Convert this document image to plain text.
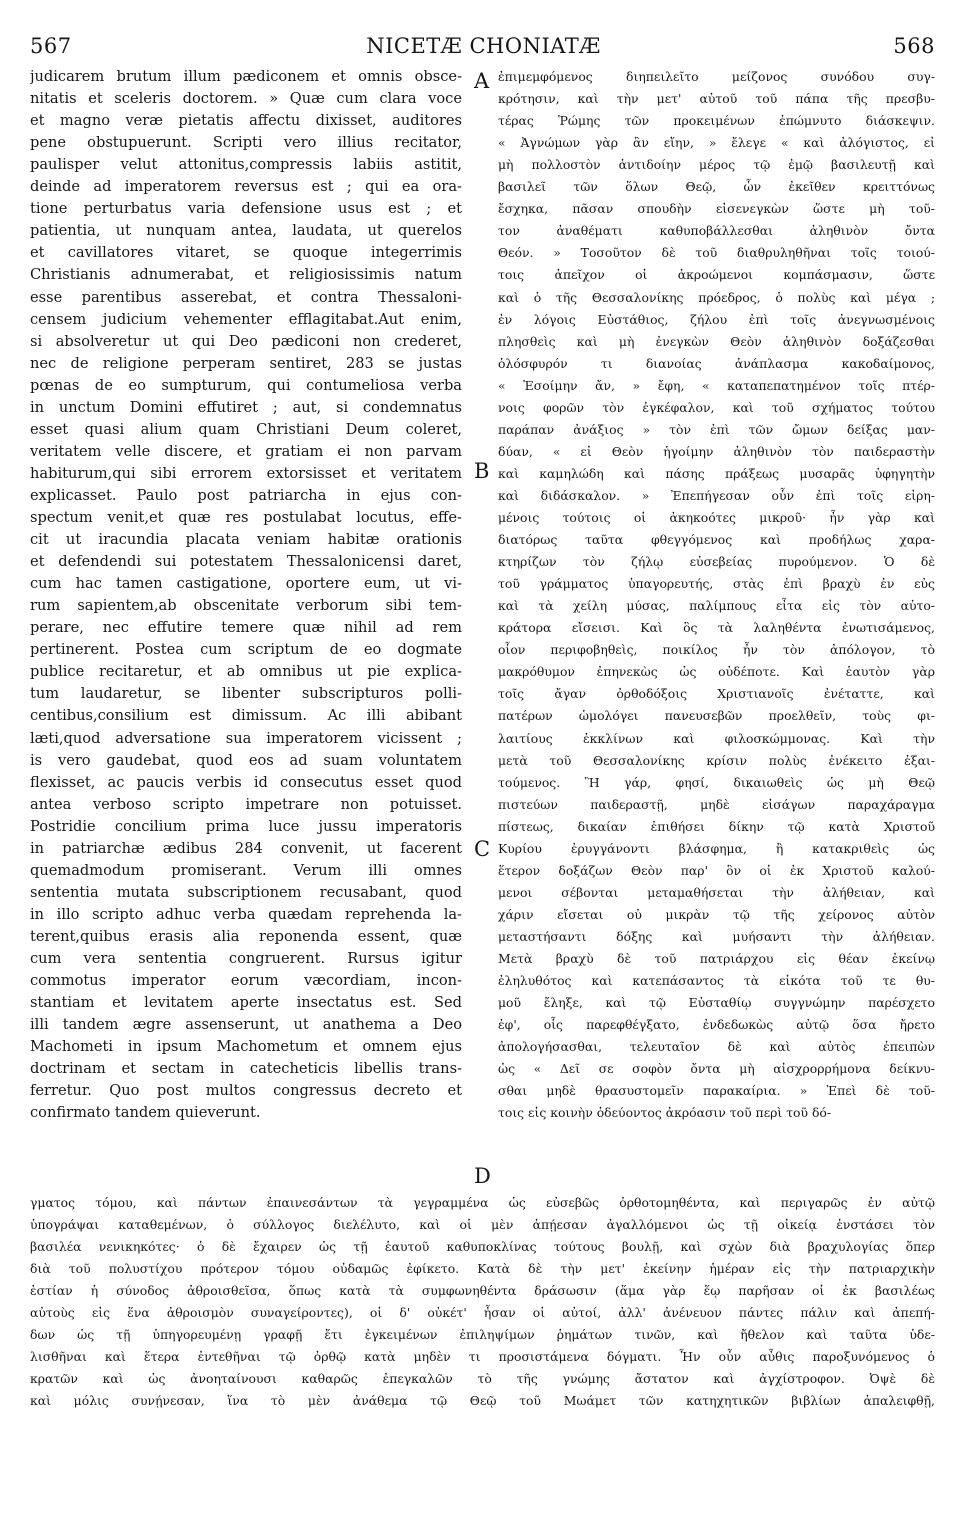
567	NICETÆ CHONIATÆ	568
judicarem brutum illum pædiconem et omnis obsce-
nitatis et sceleris doctorem. » Quæ cum clara voce
et magno veræ pietatis affectu dixisset, auditores
pene obstupuerunt. Scripti vero illius recitator,
paulisper velut attonitus,compressis labiis astitit,
deinde ad imperatorem reversus est ; qui ea ora-
tione perturbatus varia defensione usus est ; et
patientia, ut nunquam antea, laudata, ut querelos
et cavillatores vitaret, se quoque integerrimis
Christianis adnumerabat, et religiosissimis natum
esse parentibus asserebat, et contra Thessaloni-
censem judicium vehementer efflagitabat.Aut enim,
si absolveretur ut qui Deo pædiconi non crederet,
nec de religione perperam sentiret, 283 se justas
pœnas de eo sumpturum, qui contumeliosa verba
in unctum Domini effutiret ; aut, si condemnatus
esset quasi alium quam Christiani Deum coleret,
veritatem velle discere, et gratiam ei non parvam
habiturum,qui sibi errorem extorsisset et veritatem
explicasset. Paulo post patriarcha in ejus con-
spectum venit,et quæ res postulabat locutus, effe-
cit ut iracundia placata veniam habitæ orationis
et defendendi sui potestatem Thessalonicensi daret,
cum hac tamen castigatione, oportere eum, ut vi-
rum sapientem,ab obscenitate verborum sibi tem-
perare, nec effutire temere quæ nihil ad rem
pertinerent. Postea cum scriptum de eo dogmate
publice recitaretur, et ab omnibus ut pie explica-
tum laudaretur, se libenter subscripturos polli-
centibus,consilium est dimissum. Ac illi abibant
læti,quod adversatione sua imperatorem vicissent ;
is vero gaudebat, quod eos ad suam voluntatem
flexisset, ac paucis verbis id consecutus esset quod
antea verboso scripto impetrare non potuisset.
Postridie concilium prima luce jussu imperatoris
in patriarchæ ædibus 284 convenit, ut facerent
quemadmodum promiserant. Verum illi omnes
sententia mutata subscriptionem recusabant, quod
in illo scripto adhuc verba quædam reprehenda la-
terent,quibus erasis alia reponenda essent, quæ
cum vera sententia congruerent. Rursus igitur
commotus imperator eorum væcordiam, incon-
stantiam et levitatem aperte insectatus est. Sed
illi tandem ægre assenserunt, ut anathema a Deo
Machometi in ipsum Machometum et omnem ejus
doctrinam et sectam in catecheticis libellis trans-
ferretur. Quo post multos congressus decreto et
confirmato tandem quieverunt.
ἐπιμεμφόμενος διηπειλεῖτο μείζονος συνόδου συγ-
κρότησιν, καὶ τὴν μετ' αὐτοῦ τοῦ πάπα τῆς πρεσβυ-
τέρας Ῥώμης τῶν προκειμένων ἐπώμνυτο διάσκεψιν.
« Ἀγνώμων γὰρ ἂν εἴην, » ἔλεγε « καὶ ἀλόγιστος, εἰ
μὴ πολλοστὸν ἀντιδοίην μέρος τῷ ἐμῷ βασιλευτῇ καὶ
βασιλεῖ τῶν ὅλων Θεῷ, ὧν ἐκεῖθεν κρειττόνως
ἔσχηκα, πᾶσαν σπουδὴν εἰσενεγκὼν ὥστε μὴ τοῦ-
τον ἀναθέματι καθυποβάλλεσθαι ἀληθινὸν ὄντα
Θεόν. » Τοσοῦτον δὲ τοῦ διαθρυληθῆναι τοῖς τοιού-
τοις ἀπεῖχον οἱ ἀκροώμενοι κομπάσμασιν, ὥστε
καὶ ὁ τῆς Θεσσαλονίκης πρόεδρος, ὁ πολὺς καὶ μέγα ;
ἐν λόγοις Εὐστάθιος, ζήλου ἐπὶ τοῖς ἀνεγνωσμένοις
πλησθεὶς καὶ μὴ ἐνεγκὼν Θεὸν ἀληθινὸν δοξάζεσθαι
ὁλόσφυρόν τι διανοίας ἀνάπλασμα κακοδαίμονος,
« Ἐσοίμην ἄν, » ἔφη, « καταπεπατημένον τοῖς πτέρ-
νοις φορῶν τὸν ἐγκέφαλον, καὶ τοῦ σχήματος τούτου
παράπαν ἀνάξιος » τὸν ἐπὶ τῶν ὤμων δείξας μαν-
δύαν, « εἰ Θεὸν ἡγοίμην ἀληθινὸν τὸν παιδεραστὴν
καὶ καμηλώδη καὶ πάσης πράξεως μυσαρᾶς ὑφηγητὴν
καὶ διδάσκαλον. » Ἐπεπήγεσαν οὖν ἐπὶ τοῖς εἰρη-
μένοις τούτοις οἱ ἀκηκοότες μικροῦ· ἦν γὰρ καὶ
διατόρως ταῦτα φθεγγόμενος καὶ προδήλως χαρα-
κτηρίζων τὸν ζήλῳ εὐσεβείας πυρούμενον. Ὁ δὲ
τοῦ γράμματος ὑπαγορευτής, στὰς ἐπὶ βραχὺ ἐν εὐς
καὶ τὰ χείλη μύσας, παλίμπους εἶτα εἰς τὸν αὐτο-
κράτορα εἴσεισι. Καὶ ὃς τὰ λαληθέντα ἐνωτισάμενος,
οἷον περιφοβηθεὶς, ποικίλος ἦν τὸν ἀπόλογον, τὸ
μακρόθυμον ἐπηνεκὼς ὡς οὐδέποτε. Καὶ ἑαυτὸν γὰρ
τοῖς ἄγαν ὀρθοδόξοις Χριστιανοῖς ἐνέταττε, καὶ
πατέρων ὡμολόγει πανευσεβῶν προελθεῖν, τοὺς φι-
λαιτίους ἐκκλίνων καὶ φιλοσκώμμονας. Καὶ τὴν
μετὰ τοῦ Θεσσαλονίκης κρίσιν πολὺς ἐνέκειτο ἐξαι-
τούμενος. Ἢ γάρ, φησί, δικαιωθεὶς ὡς μὴ Θεῷ
πιστεύων παιδεραστῇ, μηδὲ εἰσάγων παραχάραγμα
πίστεως, δικαίαν ἐπιθήσει δίκην τῷ κατὰ Χριστοῦ
Κυρίου ἐρυγγάνοντι βλάσφημα, ἢ κατακριθεὶς ὡς
ἕτερον δοξάζων Θεὸν παρ' ὃν οἱ ἐκ Χριστοῦ καλού-
μενοι σέβονται μεταμαθήσεται τὴν ἀλήθειαν, καὶ
χάριν εἴσεται οὐ μικρὰν τῷ τῆς χείρονος αὐτὸν
μεταστήσαντι δόξης καὶ μυήσαντι τὴν ἀλήθειαν.
Μετὰ βραχὺ δὲ τοῦ πατριάρχου εἰς θέαν ἐκείνῳ
ἐληλυθότος καὶ κατεπάσαντος τὰ εἰκότα τοῦ τε θυ-
μοῦ ἔληξε, καὶ τῷ Εὐσταθίῳ συγγνώμην παρέσχετο
ἐφ', οἷς παρεφθέγξατο, ἐνδεδωκὼς αὐτῷ ὅσα ἤρετο
ἀπολογήσασθαι, τελευταῖον δὲ καὶ αὐτὸς ἐπειπὼν
ὡς « Δεῖ σε σοφὸν ὄντα μὴ αἰσχρορρήμονα δείκνυ-
σθαι μηδὲ θρασυστομεῖν παρακαίρια. » Ἐπεὶ δὲ τοῦ-
τοις εἰς κοινὴν ὁδεύοντος ἀκρόασιν τοῦ περὶ τοῦ δό-
A
B
C
D
γματος τόμου, καὶ πάντων ἐπαινεσάντων τὰ γεγραμμένα ὡς εὐσεβῶς ὀρθοτομηθέντα, καὶ περιγαρῶς ἐν αὐτῷ
ὑπογράψαι καταθεμένων, ὁ σύλλογος διελέλυτο, καὶ οἱ μὲν ἀπῄεσαν ἀγαλλόμενοι ὡς τῇ οἰκείᾳ ἐνστάσει τὸν
βασιλέα νενικηκότες· ὁ δὲ ἔχαιρεν ὡς τῇ ἑαυτοῦ καθυποκλίνας τούτους βουλῇ, καὶ σχὼν διὰ βραχυλογίας ὅπερ
διὰ τοῦ πολυστίχου πρότερον τόμου οὐδαμῶς ἐφίκετο. Κατὰ δὲ τὴν μετ' ἐκείνην ἡμέραν εἰς τὴν πατριαρχικὴν
ἑστίαν ἡ σύνοδος ἀθροισθεῖσα, ὅπως κατὰ τὰ συμφωνηθέντα δράσωσιν (ἅμα γὰρ ἕῳ παρῆσαν οἱ ἐκ βασιλέως
αὐτοὺς εἰς ἕνα ἀθροισμὸν συναγείροντες), οἱ δ' οὐκέτ' ἦσαν οἱ αὐτοί, ἀλλ' ἀνένευον πάντες πάλιν καὶ ἀπεπή-
δων ὡς τῇ ὑπηγορευμένῃ γραφῇ ἔτι ἐγκειμένων ἐπιληψίμων ῥημάτων τινῶν, καὶ ἤθελον καὶ ταῦτα ὑδε-
λισθῆναι καὶ ἕτερα ἐντεθῆναι τῷ ὀρθῷ κατὰ μηδὲν τι προσιστάμενα δόγματι. Ἦν οὖν αὖθις παροξυνόμενος ὁ
κρατῶν καὶ ὡς ἀνοηταίνουσι καθαρῶς ἐπεγκαλῶν τὸ τῆς γνώμης ἄστατον καὶ ἀγχίστροφον. Ὀψὲ δὲ
καὶ μόλις συνῄνεσαν, ἵνα τὸ μὲν ἀνάθεμα τῷ Θεῷ τοῦ Μωάμετ τῶν κατηχητικῶν βιβλίων ἀπαλειφθῇ,
